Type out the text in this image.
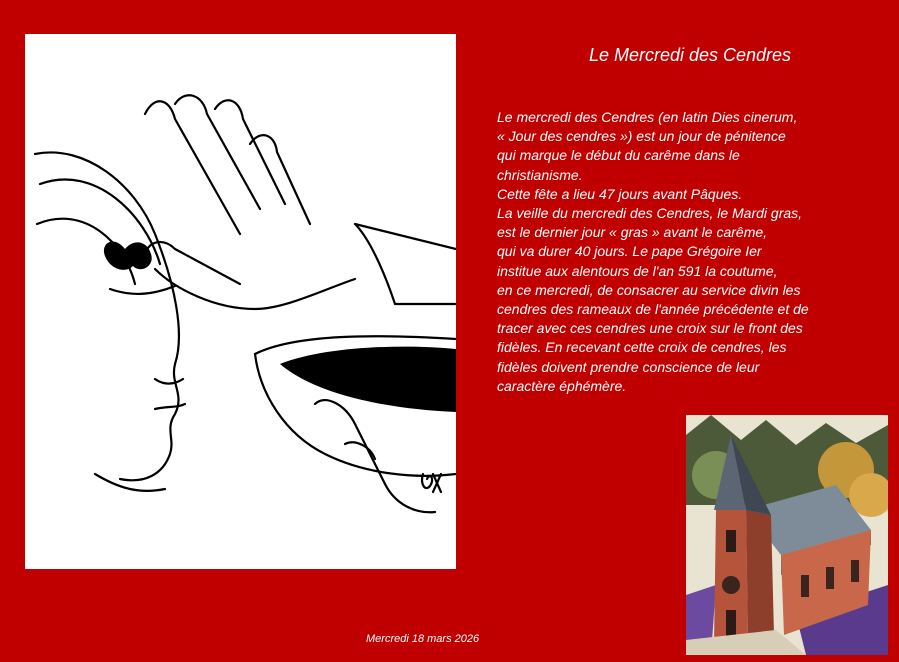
Le Mercredi des Cendres
Le mercredi des Cendres (en latin Dies cinerum,
« Jour des cendres ») est un jour de pénitence
qui marque le début du carême dans le
christianisme.
Cette fête a lieu 47 jours avant Pâques.
La veille du mercredi des Cendres, le Mardi gras,
est le dernier jour « gras » avant le carême,
qui va durer 40 jours. Le pape Grégoire Ier
institue aux alentours de l'an 591 la coutume,
en ce mercredi, de consacrer au service divin les
cendres des rameaux de l'année précédente et de
tracer avec ces cendres une croix sur le front des
fidèles. En recevant cette croix de cendres, les
fidèles doivent prendre conscience de leur
caractère éphémère.
Mercredi 18 mars 2026
